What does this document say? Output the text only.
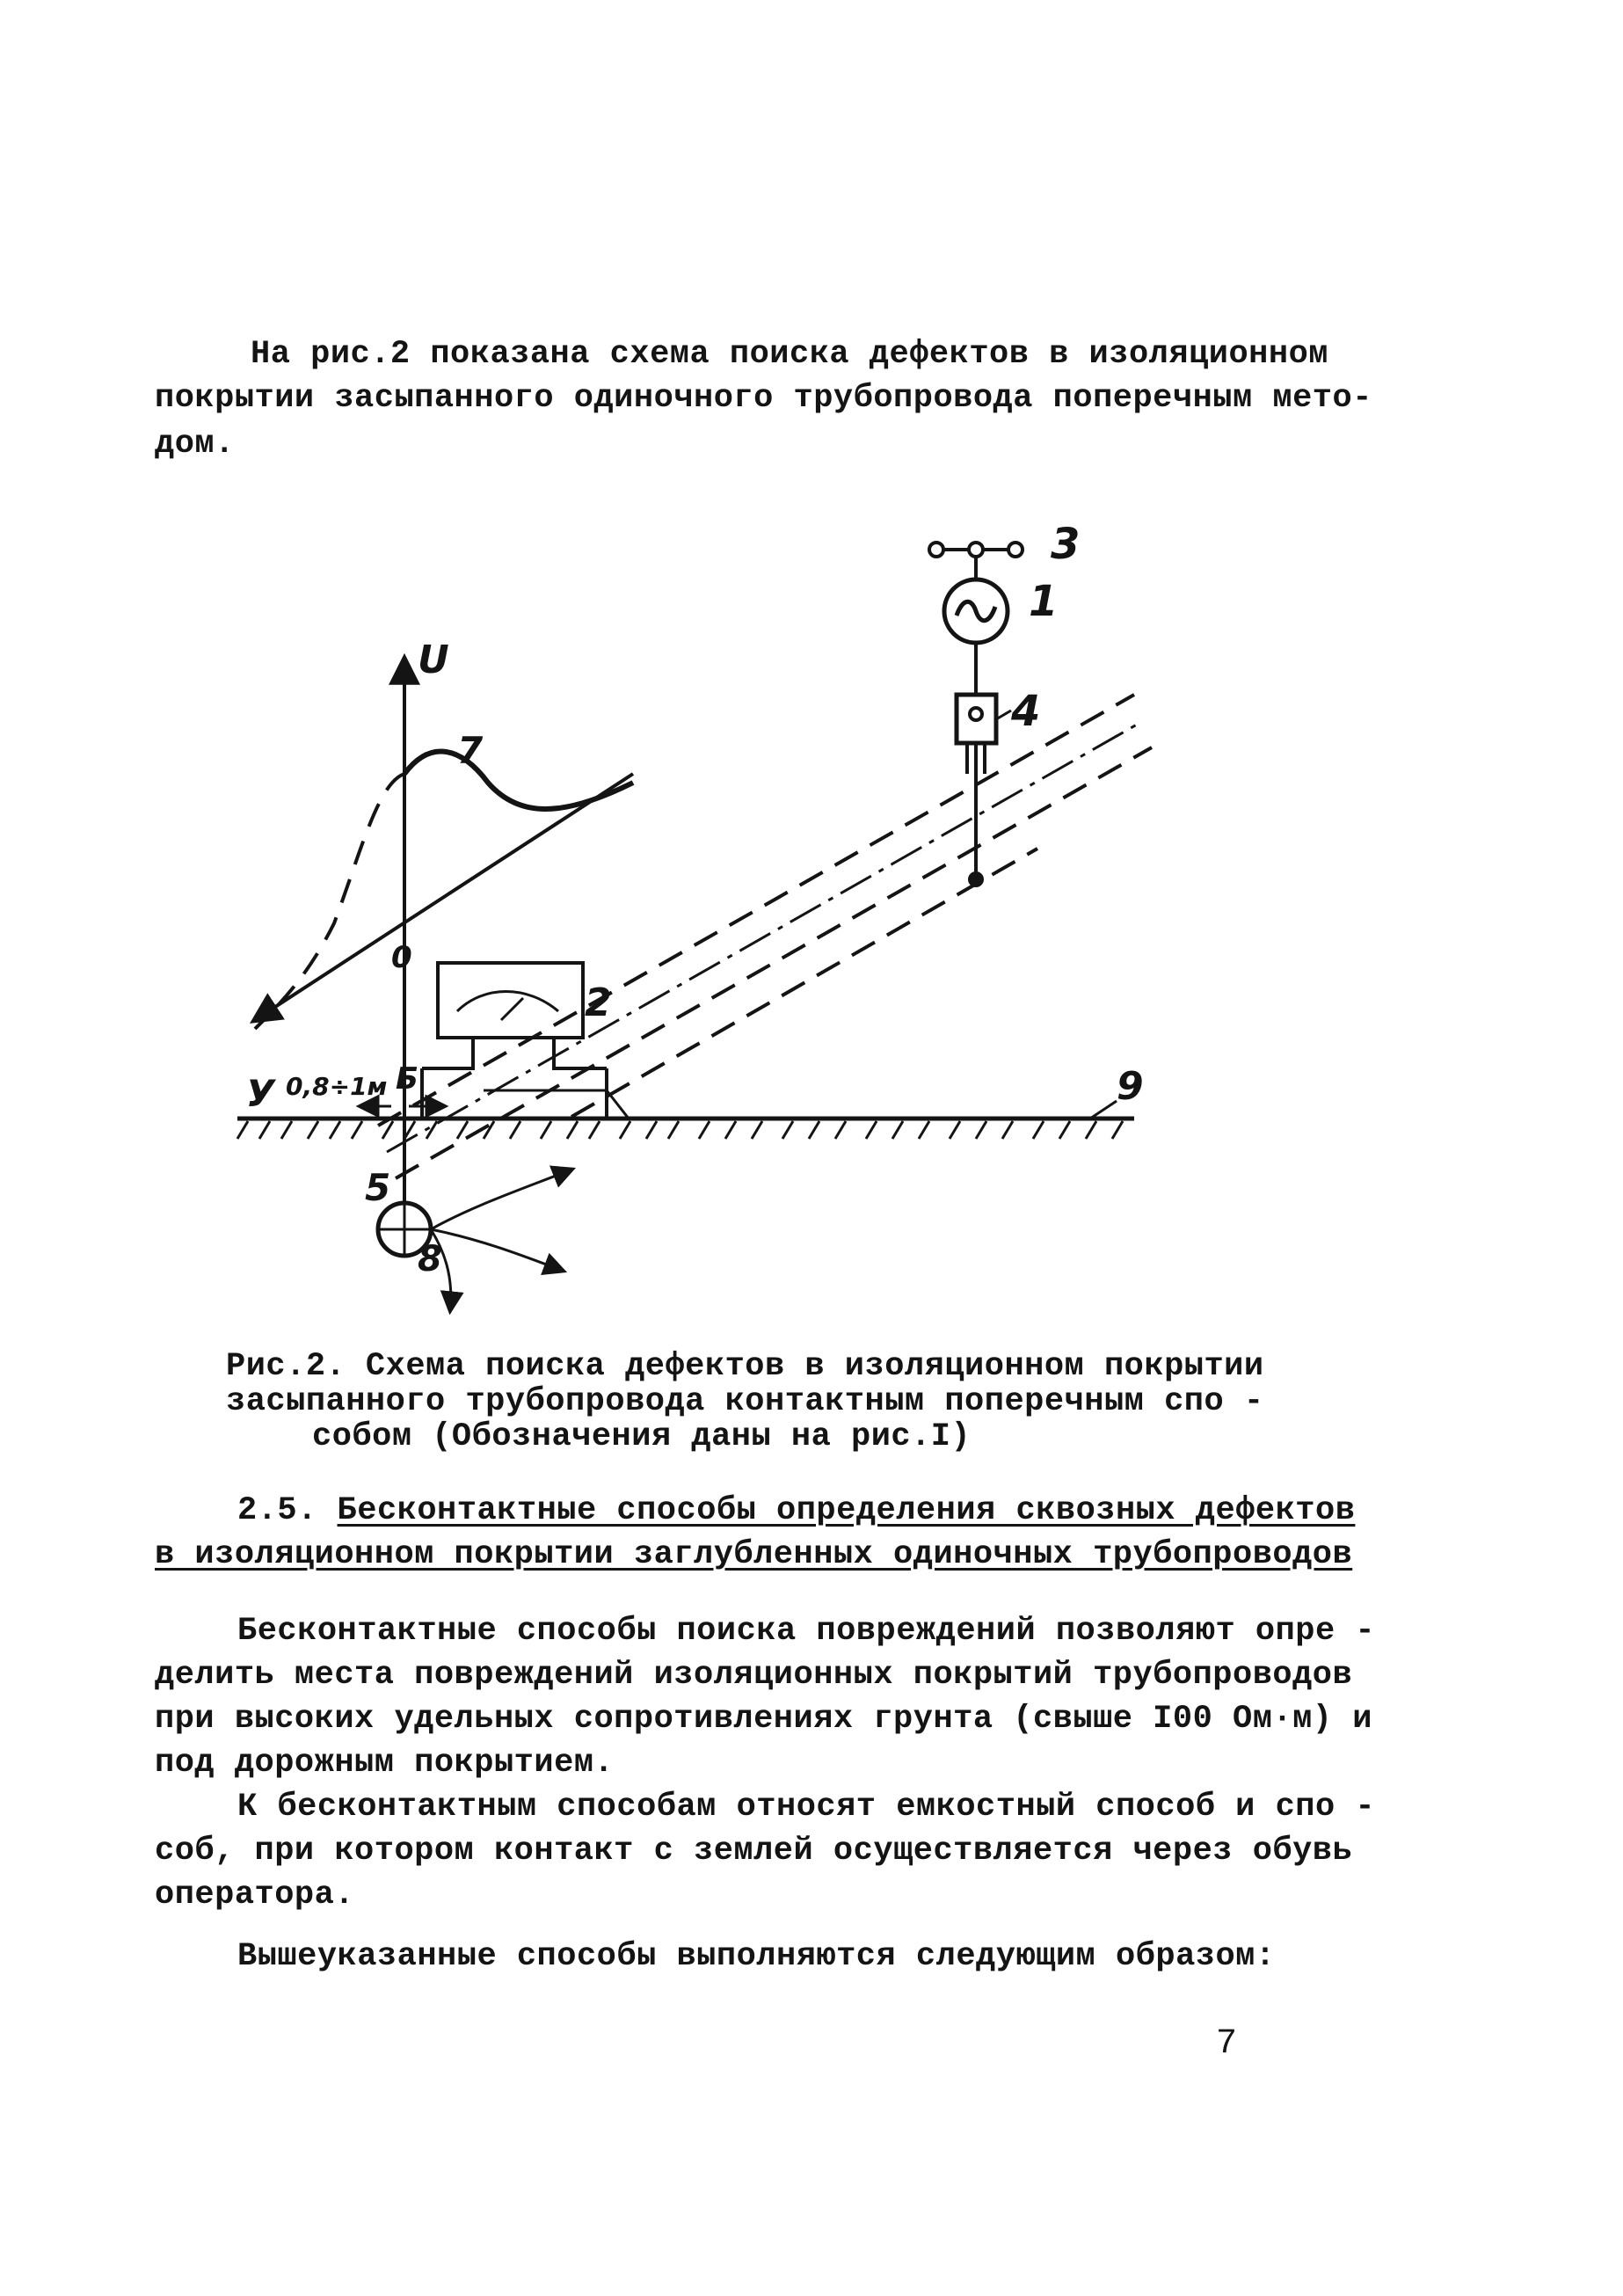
На рис.2 показана схема поиска дефектов в изоляционном
покрытии засыпанного одиночного трубопровода поперечным мето-
дом.
U
7
0
У 0,8÷1м Б
2
3
1
4
9
5
8
Рис.2. Схема поиска дефектов в изоляционном покрытии
засыпанного трубопровода контактным поперечным спо -
собом (Обозначения даны на рис.I)
2.5. Бесконтактные способы определения сквозных дефектов
в изоляционном покрытии заглубленных одиночных трубопроводов
Бесконтактные способы поиска повреждений позволяют опре -
делить места повреждений изоляционных покрытий трубопроводов
при высоких удельных сопротивлениях грунта (свыше I00 Ом·м) и
под дорожным покрытием.
К бесконтактным способам относят емкостный способ и спо -
соб, при котором контакт с землей осуществляется через обувь
оператора.
Вышеуказанные способы выполняются следующим образом:
7
